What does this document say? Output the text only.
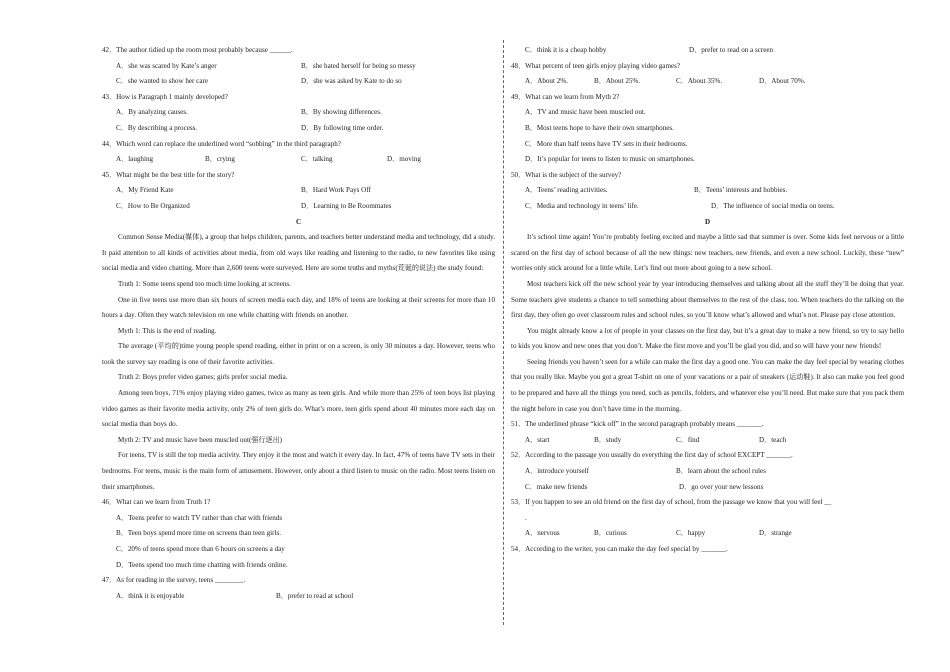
42．The author tidied up the room most probably because ______.
A．she was scared by Kate’s anger	B．she hated herself for being so messy
C．she wanted to show her care	D．she was asked by Kate to do so
43．How is Paragraph 1 mainly developed?
A．By analyzing causes.	B．By showing differences.
C．By describing a process.	D．By following time order.
44．Which word can replace the underlined word “sobbing” in the third paragraph?
A．laughing	B．crying	C．talking	D．moving
45．What might be the best title for the story?
A．My Friend Kate	B．Hard Work Pays Off
C．How to Be Organized	D．Learning to Be Roommates
C

Common Sense Media(媒体), a group that helps children, parents, and teachers better understand media and technology, did a study. It paid attention to all kinds of activities about media, from old ways like reading and listening to the radio, to new favorites like using social media and video chatting. More than 2,600 teens were surveyed. Here are some truths and myths(荒诞的说法) the study found:

Truth 1: Some teens spend too much time looking at screens.

One in five teens use more than six hours of screen media each day, and 18% of teens are looking at their screens for more than 10 hours a day. Often they watch television on one while chatting with friends on another.

Myth 1: This is the end of reading.

The average (平均的)time young people spend reading, either in print or on a screen, is only 30 minutes a day. However, teens who took the survey say reading is one of their favorite activities.

Truth 2: Boys prefer video games; girls prefer social media.

Among teen boys, 71% enjoy playing video games, twice as many as teen girls. And while more than 25% of teen boys list playing video games as their favorite media activity, only 2% of teen girls do. What’s more, teen girls spend about 40 minutes more each day on social media than boys do.

Myth 2: TV and music have been muscled out(强行逐出)

For teens, TV is still the top media activity. They enjoy it the most and watch it every day. In fact, 47% of teens have TV sets in their bedrooms. For teens, music is the main form of amusement. However, only about a third listen to music on the radio. Most teens listen on their smartphones.

46．What can we learn from Truth 1?
A．Teens prefer to watch TV rather than chat with friends
B．Teen boys spend more time on screens than teen girls.
C．20% of teens spend more than 6 hours on screens a day
D．Teens spend too much time chatting with friends online.
47．As for reading in the survey, teens ________.
A．think it is enjoyable	B．prefer to read at school
C．think it is a cheap hobby	D．prefer to read on a screen
48．What percent of teen girls enjoy playing video games?
A．About 2%.	B．About 25%.	C．About 35%.	D．About 70%.
49．What can we learn from Myth 2?
A．TV and music have been muscled out.
B．Most teens hope to have their own smartphones.
C．More than half teens have TV sets in their bedrooms.
D．It’s popular for teens to listen to music on smartphones.
50．What is the subject of the survey?
A．Teens’ reading activities.	B．Teens’ interests and hobbies.
C．Media and technology in teens’ life.	D．The influence of social media on teens.
D

It’s school time again! You’re probably feeling excited and maybe a little sad that summer is over. Some kids feel nervous or a little scared on the first day of school because of all the new things: new teachers, new friends, and even a new school. Luckily, these “new” worries only stick around for a little while. Let’s find out more about going to a new school.

Most teachers kick off the new school year by year introducing themselves and talking about all the stuff they’ll be doing that year. Some teachers give students a chance to tell something about themselves to the rest of the class, too. When teachers do the talking on the first day, they often go over classroom rules and school rules, so you’ll know what’s allowed and what’s not. Please pay close attention.

You might already know a lot of people in your classes on the first day, but it’s a great day to make a new friend, so try to say hello to kids you know and new ones that you don’t. Make the first move and you’ll be glad you did, and so will have your new friends!

Seeing friends you haven’t seen for a while can make the first day a good one. You can make the day feel special by wearing clothes that you really like. Maybe you got a great T-shirt on one of your vacations or a pair of sneakers (运动鞋). It also can make you feel good to be prepared and have all the things you need, such as pencils, folders, and whatever else you’ll need. But make sure that you pack them the night before in case you don’t have time in the morning.

51．The underlined phrase “kick off” in the second paragraph probably means _______.
A．start	B．study	C．find	D．teach
52．According to the passage you usually do everything the first day of school EXCEPT _______.
A．introduce yourself	B．learn about the school rules
C．make new friends	D．go over your new lessons
53．If you happen to see an old friend on the first day of school, from the passage we know that you will feel __
.
A．nervous	B．curious	C．happy	D．strange
54．According to the writer, you can make the day feel special by _______.
